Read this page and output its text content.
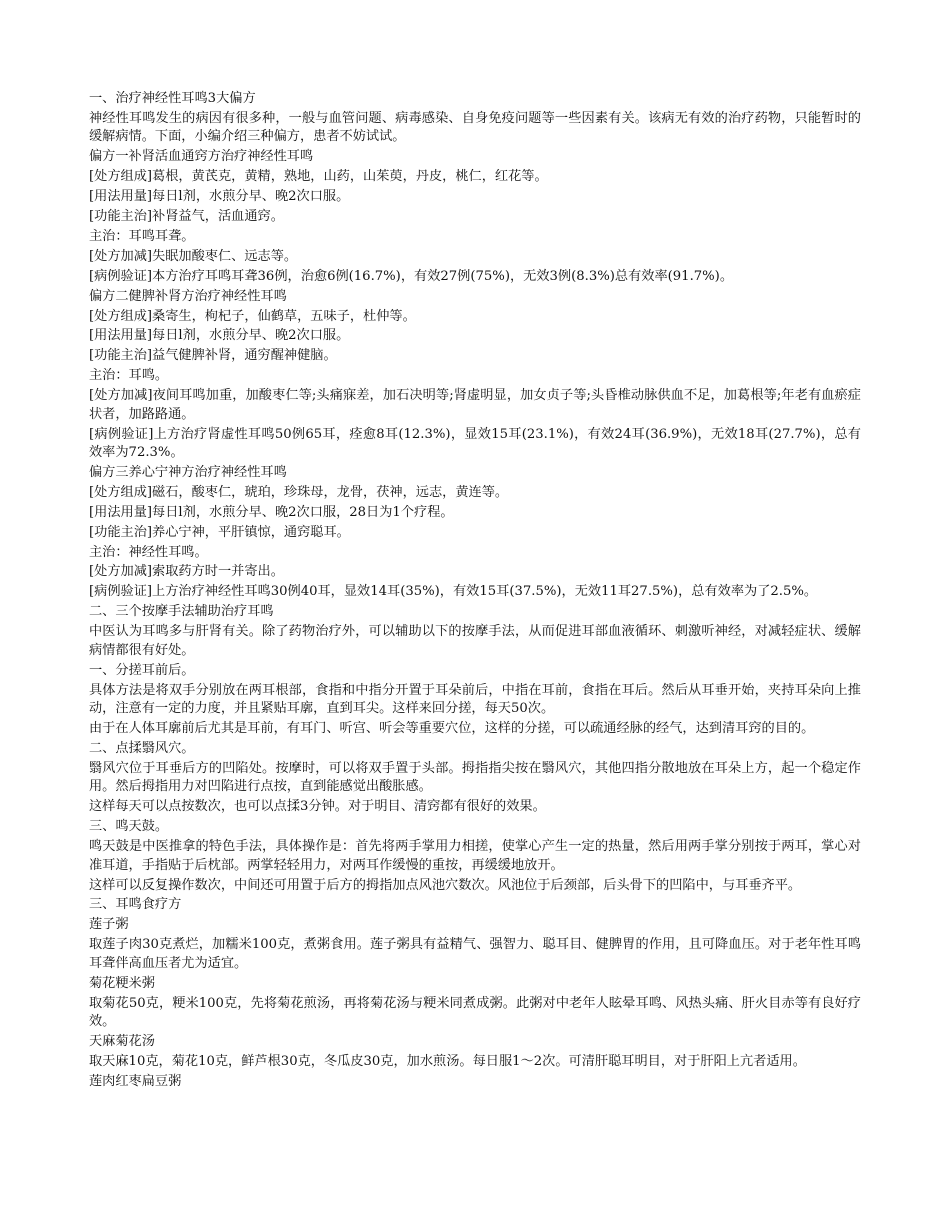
一、治疗神经性耳鸣3大偏方

神经性耳鸣发生的病因有很多种，一般与血管问题、病毒感染、自身免疫问题等一些因素有关。该病无有效的治疗药物，只能暂时的缓解病情。下面，小编介绍三种偏方，患者不妨试试。

偏方一补肾活血通窍方治疗神经性耳鸣

[处方组成]葛根，黄芪克，黄精，熟地，山药，山茱萸，丹皮，桃仁，红花等。

[用法用量]每日l剂，水煎分早、晚2次口服。

[功能主治]补肾益气，活血通窍。

主治：耳鸣耳聋。

[处方加减]失眠加酸枣仁、远志等。

[病例验证]本方治疗耳鸣耳聋36例，治愈6例(16.7%)，有效27例(75%)，无效3例(8.3%)总有效率(91.7%)。

偏方二健脾补肾方治疗神经性耳鸣

[处方组成]桑寄生，枸杞子，仙鹤草，五味子，杜仲等。

[用法用量]每日l剂，水煎分早、晚2次口服。

[功能主治]益气健脾补肾，通穷醒神健脑。

主治：耳鸣。

[处方加减]夜间耳鸣加重，加酸枣仁等;头痛寐差，加石决明等;肾虚明显，加女贞子等;头昏椎动脉供血不足，加葛根等;年老有血瘀症状者，加路路通。

[病例验证]上方治疗肾虚性耳鸣50例65耳，痊愈8耳(12.3%)，显效15耳(23.1%)，有效24耳(36.9%)，无效18耳(27.7%)，总有效率为72.3%。

偏方三养心宁神方治疗神经性耳鸣

[处方组成]磁石，酸枣仁，琥珀，珍珠母，龙骨，茯神，远志，黄连等。

[用法用量]每日l剂，水煎分早、晚2次口服，28日为1个疗程。

[功能主治]养心宁神，平肝镇惊，通窍聪耳。

主治：神经性耳鸣。

[处方加减]索取药方时一并寄出。

[病例验证]上方治疗神经性耳鸣30例40耳，显效14耳(35%)，有效15耳(37.5%)，无效11耳27.5%)，总有效率为了2.5%。

二、三个按摩手法辅助治疗耳鸣

中医认为耳鸣多与肝肾有关。除了药物治疗外，可以辅助以下的按摩手法，从而促进耳部血液循环、刺激听神经，对减轻症状、缓解病情都很有好处。

一、分搓耳前后。

具体方法是将双手分别放在两耳根部，食指和中指分开置于耳朵前后，中指在耳前，食指在耳后。然后从耳垂开始，夹持耳朵向上推动，注意有一定的力度，并且紧贴耳廓，直到耳尖。这样来回分搓，每天50次。

由于在人体耳廓前后尤其是耳前，有耳门、听宫、听会等重要穴位，这样的分搓，可以疏通经脉的经气，达到清耳窍的目的。

二、点揉翳风穴。

翳风穴位于耳垂后方的凹陷处。按摩时，可以将双手置于头部。拇指指尖按在翳风穴，其他四指分散地放在耳朵上方，起一个稳定作用。然后拇指用力对凹陷进行点按，直到能感觉出酸胀感。

这样每天可以点按数次，也可以点揉3分钟。对于明目、清窍都有很好的效果。

三、鸣天鼓。

鸣天鼓是中医推拿的特色手法，具体操作是：首先将两手掌用力相搓，使掌心产生一定的热量，然后用两手掌分别按于两耳，掌心对准耳道，手指贴于后枕部。两掌轻轻用力，对两耳作缓慢的重按，再缓缓地放开。

这样可以反复操作数次，中间还可用置于后方的拇指加点风池穴数次。风池位于后颈部，后头骨下的凹陷中，与耳垂齐平。

三、耳鸣食疗方

莲子粥

取莲子肉30克煮烂，加糯米100克，煮粥食用。莲子粥具有益精气、强智力、聪耳目、健脾胃的作用，且可降血压。对于老年性耳鸣耳聋伴高血压者尤为适宜。

菊花粳米粥

取菊花50克，粳米100克，先将菊花煎汤，再将菊花汤与粳米同煮成粥。此粥对中老年人眩晕耳鸣、风热头痛、肝火目赤等有良好疗效。

天麻菊花汤

取天麻10克，菊花10克，鲜芦根30克，冬瓜皮30克，加水煎汤。每日服1～2次。可清肝聪耳明目，对于肝阳上亢者适用。

莲肉红枣扁豆粥
